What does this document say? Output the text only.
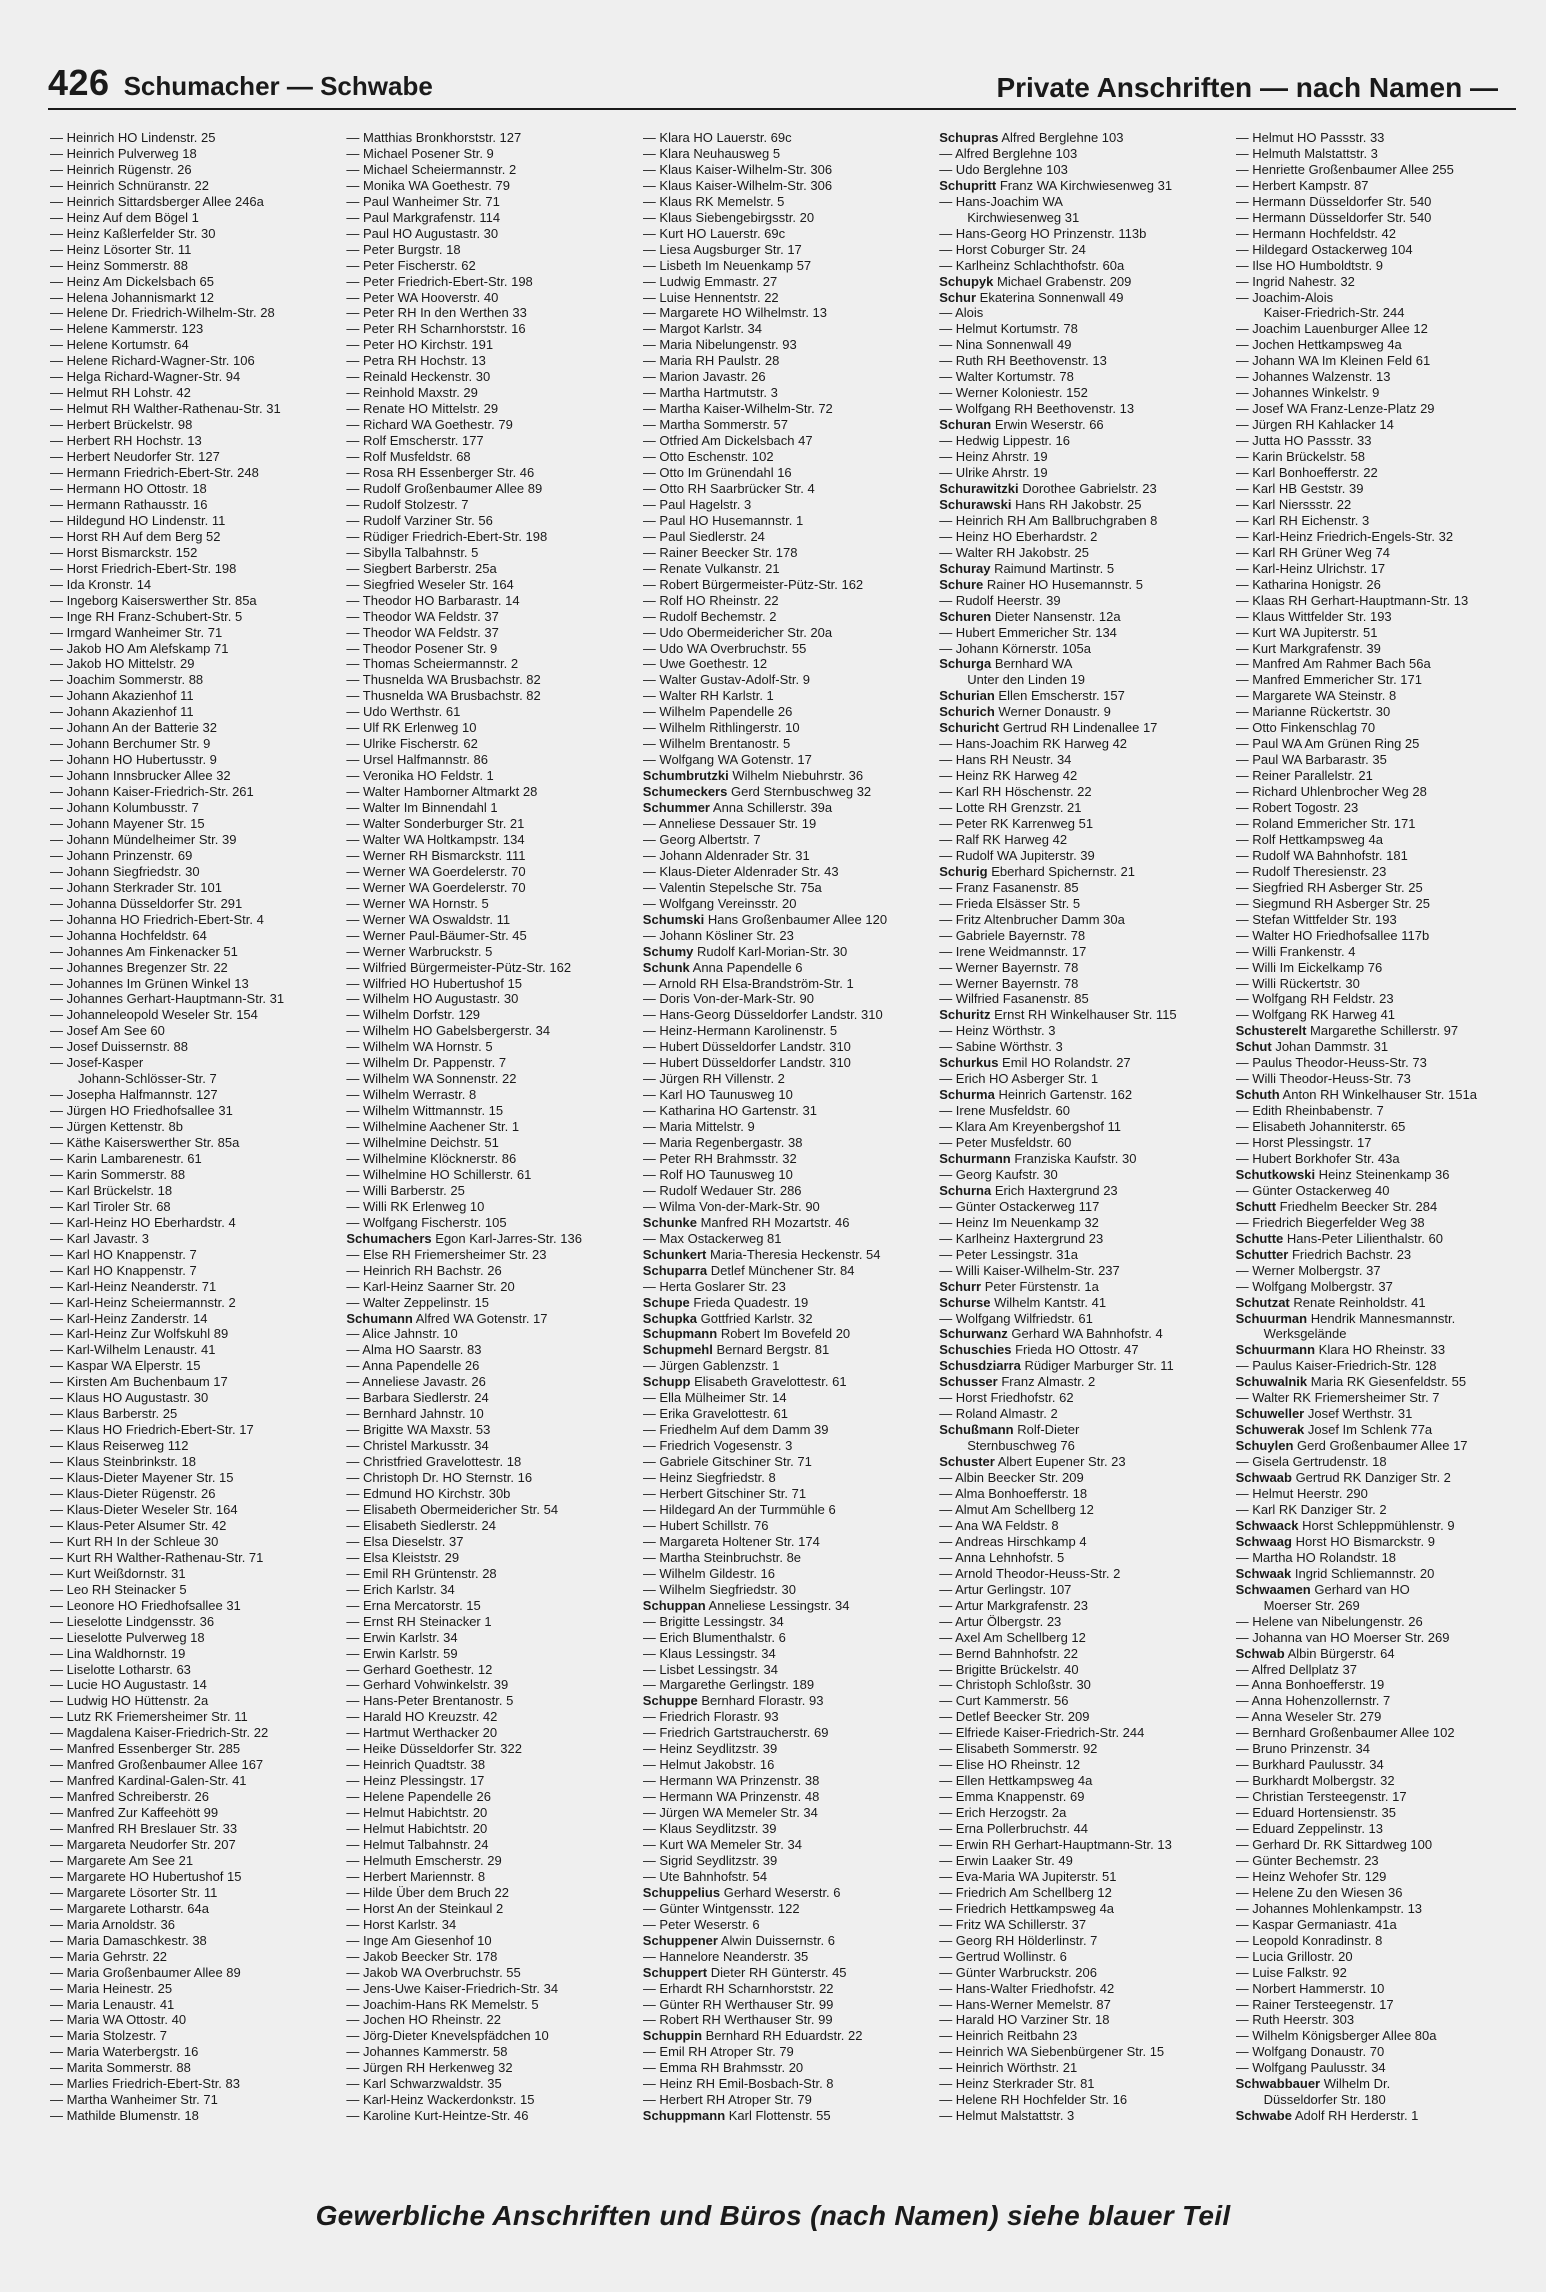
426 Schumacher — Schwabe	Private Anschriften — nach Namen —
— Heinrich HO Lindenstr. 25
— Heinrich Pulverweg 18
— Heinrich Rügenstr. 26
— Heinrich Schnüranstr. 22
— Heinrich Sittardsberger Allee 246a
— Heinz Auf dem Bögel 1
— Heinz Kaßlerfelder Str. 30
— Heinz Lösorter Str. 11
— Heinz Sommerstr. 88
— Heinz Am Dickelsbach 65
— Helena Johannismarkt 12
— Helene Dr. Friedrich-Wilhelm-Str. 28
— Helene Kammerstr. 123
— Helene Kortumstr. 64
— Helene Richard-Wagner-Str. 106
— Helga Richard-Wagner-Str. 94
— Helmut RH Lohstr. 42
— Helmut RH Walther-Rathenau-Str. 31
— Herbert Brückelstr. 98
— Herbert RH Hochstr. 13
— Herbert Neudorfer Str. 127
— Hermann Friedrich-Ebert-Str. 248
— Hermann HO Ottostr. 18
— Hermann Rathausstr. 16
— Hildegund HO Lindenstr. 11
— Horst RH Auf dem Berg 52
— Horst Bismarckstr. 152
— Horst Friedrich-Ebert-Str. 198
— Ida Kronstr. 14
— Ingeborg Kaiserswerther Str. 85a
— Inge RH Franz-Schubert-Str. 5
— Irmgard Wanheimer Str. 71
— Jakob HO Am Alefskamp 71
— Jakob HO Mittelstr. 29
— Joachim Sommerstr. 88
— Johann Akazienhof 11
— Johann Akazienhof 11
— Johann An der Batterie 32
— Johann Berchumer Str. 9
— Johann HO Hubertusstr. 9
— Johann Innsbrucker Allee 32
— Johann Kaiser-Friedrich-Str. 261
— Johann Kolumbusstr. 7
— Johann Mayener Str. 15
— Johann Mündelheimer Str. 39
— Johann Prinzenstr. 69
— Johann Siegfriedstr. 30
— Johann Sterkrader Str. 101
— Johanna Düsseldorfer Str. 291
— Johanna HO Friedrich-Ebert-Str. 4
— Johanna Hochfeldstr. 64
— Johannes Am Finkenacker 51
— Johannes Bregenzer Str. 22
— Johannes Im Grünen Winkel 13
— Johannes Gerhart-Hauptmann-Str. 31
— Johanneleopold Weseler Str. 154
— Josef Am See 60
— Josef Duissernstr. 88
— Josef-Kasper
Johann-Schlösser-Str. 7
— Josepha Halfmannstr. 127
— Jürgen HO Friedhofsallee 31
— Jürgen Kettenstr. 8b
— Käthe Kaiserswerther Str. 85a
— Karin Lambarenestr. 61
— Karin Sommerstr. 88
— Karl Brückelstr. 18
— Karl Tiroler Str. 68
— Karl-Heinz HO Eberhardstr. 4
— Karl Javastr. 3
— Karl HO Knappenstr. 7
— Karl HO Knappenstr. 7
— Karl-Heinz Neanderstr. 71
— Karl-Heinz Scheiermannstr. 2
— Karl-Heinz Zanderstr. 14
— Karl-Heinz Zur Wolfskuhl 89
— Karl-Wilhelm Lenaustr. 41
— Kaspar WA Elperstr. 15
— Kirsten Am Buchenbaum 17
— Klaus HO Augustastr. 30
— Klaus Barberstr. 25
— Klaus HO Friedrich-Ebert-Str. 17
— Klaus Reiserweg 112
— Klaus Steinbrinkstr. 18
— Klaus-Dieter Mayener Str. 15
— Klaus-Dieter Rügenstr. 26
— Klaus-Dieter Weseler Str. 164
— Klaus-Peter Alsumer Str. 42
— Kurt RH In der Schleue 30
— Kurt RH Walther-Rathenau-Str. 71
— Kurt Weißdornstr. 31
— Leo RH Steinacker 5
— Leonore HO Friedhofsallee 31
— Lieselotte Lindgensstr. 36
— Lieselotte Pulverweg 18
— Lina Waldhornstr. 19
— Liselotte Lotharstr. 63
— Lucie HO Augustastr. 14
— Ludwig HO Hüttenstr. 2a
— Lutz RK Friemersheimer Str. 11
— Magdalena Kaiser-Friedrich-Str. 22
— Manfred Essenberger Str. 285
— Manfred Großenbaumer Allee 167
— Manfred Kardinal-Galen-Str. 41
— Manfred Schreiberstr. 26
— Manfred Zur Kaffeehött 99
— Manfred RH Breslauer Str. 33
— Margareta Neudorfer Str. 207
— Margarete Am See 21
— Margarete HO Hubertushof 15
— Margarete Lösorter Str. 11
— Margarete Lotharstr. 64a
— Maria Arnoldstr. 36
— Maria Damaschkestr. 38
— Maria Gehrstr. 22
— Maria Großenbaumer Allee 89
— Maria Heinestr. 25
— Maria Lenaustr. 41
— Maria WA Ottostr. 40
— Maria Stolzestr. 7
— Maria Waterbergstr. 16
— Marita Sommerstr. 88
— Marlies Friedrich-Ebert-Str. 83
— Martha Wanheimer Str. 71
— Mathilde Blumenstr. 18
— Matthias Bronkhorststr. 127
— Michael Posener Str. 9
— Michael Scheiermannstr. 2
— Monika WA Goethestr. 79
— Paul Wanheimer Str. 71
— Paul Markgrafenstr. 114
— Paul HO Augustastr. 30
— Peter Burgstr. 18
— Peter Fischerstr. 62
— Peter Friedrich-Ebert-Str. 198
— Peter WA Hooverstr. 40
— Peter RH In den Werthen 33
— Peter RH Scharnhorststr. 16
— Peter HO Kirchstr. 191
— Petra RH Hochstr. 13
— Reinald Heckenstr. 30
— Reinhold Maxstr. 29
— Renate HO Mittelstr. 29
— Richard WA Goethestr. 79
— Rolf Emscherstr. 177
— Rolf Musfeldstr. 68
— Rosa RH Essenberger Str. 46
— Rudolf Großenbaumer Allee 89
— Rudolf Stolzestr. 7
— Rudolf Varziner Str. 56
— Rüdiger Friedrich-Ebert-Str. 198
— Sibylla Talbahnstr. 5
— Siegbert Barberstr. 25a
— Siegfried Weseler Str. 164
— Theodor HO Barbarastr. 14
— Theodor WA Feldstr. 37
— Theodor WA Feldstr. 37
— Theodor Posener Str. 9
— Thomas Scheiermannstr. 2
— Thusnelda WA Brusbachstr. 82
— Thusnelda WA Brusbachstr. 82
— Udo Werthstr. 61
— Ulf RK Erlenweg 10
— Ulrike Fischerstr. 62
— Ursel Halfmannstr. 86
— Veronika HO Feldstr. 1
— Walter Hamborner Altmarkt 28
— Walter Im Binnendahl 1
— Walter Sonderburger Str. 21
— Walter WA Holtkampstr. 134
— Werner RH Bismarckstr. 111
— Werner WA Goerdelerstr. 70
— Werner WA Goerdelerstr. 70
— Werner WA Hornstr. 5
— Werner WA Oswaldstr. 11
— Werner Paul-Bäumer-Str. 45
— Werner Warbruckstr. 5
— Wilfried Bürgermeister-Pütz-Str. 162
— Wilfried HO Hubertushof 15
— Wilhelm HO Augustastr. 30
— Wilhelm Dorfstr. 129
— Wilhelm HO Gabelsbergerstr. 34
— Wilhelm WA Hornstr. 5
— Wilhelm Dr. Pappenstr. 7
— Wilhelm WA Sonnenstr. 22
— Wilhelm Werrastr. 8
— Wilhelm Wittmannstr. 15
— Wilhelmine Aachener Str. 1
— Wilhelmine Deichstr. 51
— Wilhelmine Klöcknerstr. 86
— Wilhelmine HO Schillerstr. 61
— Willi Barberstr. 25
— Willi RK Erlenweg 10
— Wolfgang Fischerstr. 105
Schumachers Egon Karl-Jarres-Str. 136
— Else RH Friemersheimer Str. 23
— Heinrich RH Bachstr. 26
— Karl-Heinz Saarner Str. 20
— Walter Zeppelinstr. 15
Schumann Alfred WA Gotenstr. 17
— Alice Jahnstr. 10
— Alma HO Saarstr. 83
— Anna Papendelle 26
— Anneliese Javastr. 26
— Barbara Siedlerstr. 24
— Bernhard Jahnstr. 10
— Brigitte WA Maxstr. 53
— Christel Markusstr. 34
— Christfried Gravelottestr. 18
— Christoph Dr. HO Sternstr. 16
— Edmund HO Kirchstr. 30b
— Elisabeth Obermeidericher Str. 54
— Elisabeth Siedlerstr. 24
— Elsa Dieselstr. 37
— Elsa Kleiststr. 29
— Emil RH Grüntenstr. 28
— Erich Karlstr. 34
— Erna Mercatorstr. 15
— Ernst RH Steinacker 1
— Erwin Karlstr. 34
— Erwin Karlstr. 59
— Gerhard Goethestr. 12
— Gerhard Vohwinkelstr. 39
— Hans-Peter Brentanostr. 5
— Harald HO Kreuzstr. 42
— Hartmut Werthacker 20
— Heike Düsseldorfer Str. 322
— Heinrich Quadtstr. 38
— Heinz Plessingstr. 17
— Helene Papendelle 26
— Helmut Habichtstr. 20
— Helmut Habichtstr. 20
— Helmut Talbahnstr. 24
— Helmuth Emscherstr. 29
— Herbert Mariennstr. 8
— Hilde Über dem Bruch 22
— Horst An der Steinkaul 2
— Horst Karlstr. 34
— Inge Am Giesenhof 10
— Jakob Beecker Str. 178
— Jakob WA Overbruchstr. 55
— Jens-Uwe Kaiser-Friedrich-Str. 34
— Joachim-Hans RK Memelstr. 5
— Jochen HO Rheinstr. 22
— Jörg-Dieter Knevelspfädchen 10
— Johannes Kammerstr. 58
— Jürgen RH Herkenweg 32
— Karl Schwarzwaldstr. 35
— Karl-Heinz Wackerdonkstr. 15
— Karoline Kurt-Heintze-Str. 46
— Klara HO Lauerstr. 69c
— Klara Neuhausweg 5
— Klaus Kaiser-Wilhelm-Str. 306
— Klaus Kaiser-Wilhelm-Str. 306
— Klaus RK Memelstr. 5
— Klaus Siebengebirgsstr. 20
— Kurt HO Lauerstr. 69c
— Liesa Augsburger Str. 17
— Lisbeth Im Neuenkamp 57
— Ludwig Emmastr. 27
— Luise Hennentstr. 22
— Margarete HO Wilhelmstr. 13
— Margot Karlstr. 34
— Maria Nibelungenstr. 93
— Maria RH Paulstr. 28
— Marion Javastr. 26
— Martha Hartmutstr. 3
— Martha Kaiser-Wilhelm-Str. 72
— Martha Sommerstr. 57
— Otfried Am Dickelsbach 47
— Otto Eschenstr. 102
— Otto Im Grünendahl 16
— Otto RH Saarbrücker Str. 4
— Paul Hagelstr. 3
— Paul HO Husemannstr. 1
— Paul Siedlerstr. 24
— Rainer Beecker Str. 178
— Renate Vulkanstr. 21
— Robert Bürgermeister-Pütz-Str. 162
— Rolf HO Rheinstr. 22
— Rudolf Bechemstr. 2
— Udo Obermeidericher Str. 20a
— Udo WA Overbruchstr. 55
— Uwe Goethestr. 12
— Walter Gustav-Adolf-Str. 9
— Walter RH Karlstr. 1
— Wilhelm Papendelle 26
— Wilhelm Rithlingerstr. 10
— Wilhelm Brentanostr. 5
— Wolfgang WA Gotenstr. 17
Schumbrutzki Wilhelm Niebuhrstr. 36
Schumeckers Gerd Sternbuschweg 32
Schummer Anna Schillerstr. 39a
— Anneliese Dessauer Str. 19
— Georg Albertstr. 7
— Johann Aldenrader Str. 31
— Klaus-Dieter Aldenrader Str. 43
— Valentin Stepelsche Str. 75a
— Wolfgang Vereinsstr. 20
Schumski Hans Großenbaumer Allee 120
— Johann Kösliner Str. 23
Schumy Rudolf Karl-Morian-Str. 30
Schunk Anna Papendelle 6
— Arnold RH Elsa-Brandström-Str. 1
— Doris Von-der-Mark-Str. 90
— Hans-Georg Düsseldorfer Landstr. 310
— Heinz-Hermann Karolinenstr. 5
— Hubert Düsseldorfer Landstr. 310
— Hubert Düsseldorfer Landstr. 310
— Jürgen RH Villenstr. 2
— Karl HO Taunusweg 10
— Katharina HO Gartenstr. 31
— Maria Mittelstr. 9
— Maria Regenbergastr. 38
— Peter RH Brahmsstr. 32
— Rolf HO Taunusweg 10
— Rudolf Wedauer Str. 286
— Wilma Von-der-Mark-Str. 90
Schunke Manfred RH Mozartstr. 46
— Max Ostackerweg 81
Schunkert Maria-Theresia Heckenstr. 54
Schuparra Detlef Münchener Str. 84
— Herta Goslarer Str. 23
Schupe Frieda Quadestr. 19
Schupka Gottfried Karlstr. 32
Schupmann Robert Im Bovefeld 20
Schupmehl Bernard Bergstr. 81
— Jürgen Gablenzstr. 1
Schupp Elisabeth Gravelottestr. 61
— Ella Mülheimer Str. 14
— Erika Gravelottestr. 61
— Friedhelm Auf dem Damm 39
— Friedrich Vogesenstr. 3
— Gabriele Gitschiner Str. 71
— Heinz Siegfriedstr. 8
— Herbert Gitschiner Str. 71
— Hildegard An der Turmmühle 6
— Hubert Schillstr. 76
— Margareta Holtener Str. 174
— Martha Steinbruchstr. 8e
— Wilhelm Gildestr. 16
— Wilhelm Siegfriedstr. 30
Schuppan Anneliese Lessingstr. 34
— Brigitte Lessingstr. 34
— Erich Blumenthalstr. 6
— Klaus Lessingstr. 34
— Lisbet Lessingstr. 34
— Margarethe Gerlingstr. 189
Schuppe Bernhard Florastr. 93
— Friedrich Florastr. 93
— Friedrich Gartstraucherstr. 69
— Heinz Seydlitzstr. 39
— Helmut Jakobstr. 16
— Hermann WA Prinzenstr. 38
— Hermann WA Prinzenstr. 48
— Jürgen WA Memeler Str. 34
— Klaus Seydlitzstr. 39
— Kurt WA Memeler Str. 34
— Sigrid Seydlitzstr. 39
— Ute Bahnhofstr. 54
Schuppelius Gerhard Weserstr. 6
— Günter Wintgensstr. 122
— Peter Weserstr. 6
Schuppener Alwin Duissernstr. 6
— Hannelore Neanderstr. 35
Schuppert Dieter RH Günterstr. 45
— Erhardt RH Scharnhorststr. 22
— Günter RH Werthauser Str. 99
— Robert RH Werthauser Str. 99
Schuppin Bernhard RH Eduardstr. 22
— Emil RH Atroper Str. 79
— Emma RH Brahmsstr. 20
— Heinz RH Emil-Bosbach-Str. 8
— Herbert RH Atroper Str. 79
Schuppmann Karl Flottenstr. 55
Schupras Alfred Berglehne 103
— Alfred Berglehne 103
— Udo Berglehne 103
Schupritt Franz WA Kirchwiesenweg 31
— Hans-Joachim WA
Kirchwiesenweg 31
— Hans-Georg HO Prinzenstr. 113b
— Horst Coburger Str. 24
— Karlheinz Schlachthofstr. 60a
Schupyk Michael Grabenstr. 209
Schur Ekaterina Sonnenwall 49
— Alois
— Helmut Kortumstr. 78
— Nina Sonnenwall 49
— Ruth RH Beethovenstr. 13
— Walter Kortumstr. 78
— Werner Koloniestr. 152
— Wolfgang RH Beethovenstr. 13
Schuran Erwin Weserstr. 66
— Hedwig Lippestr. 16
— Heinz Ahrstr. 19
— Ulrike Ahrstr. 19
Schurawitzki Dorothee Gabrielstr. 23
Schurawski Hans RH Jakobstr. 25
— Heinrich RH Am Ballbruchgraben 8
— Heinz HO Eberhardstr. 2
— Walter RH Jakobstr. 25
Schuray Raimund Martinstr. 5
Schure Rainer HO Husemannstr. 5
— Rudolf Heerstr. 39
Schuren Dieter Nansenstr. 12a
— Hubert Emmericher Str. 134
— Johann Körnerstr. 105a
Schurga Bernhard WA
Unter den Linden 19
Schurian Ellen Emscherstr. 157
Schurich Werner Donaustr. 9
Schuricht Gertrud RH Lindenallee 17
— Hans-Joachim RK Harweg 42
— Hans RH Neustr. 34
— Heinz RK Harweg 42
— Karl RH Höschenstr. 22
— Lotte RH Grenzstr. 21
— Peter RK Karrenweg 51
— Ralf RK Harweg 42
— Rudolf WA Jupiterstr. 39
Schurig Eberhard Spichernstr. 21
— Franz Fasanenstr. 85
— Frieda Elsässer Str. 5
— Fritz Altenbrucher Damm 30a
— Gabriele Bayernstr. 78
— Irene Weidmannstr. 17
— Werner Bayernstr. 78
— Werner Bayernstr. 78
— Wilfried Fasanenstr. 85
Schuritz Ernst RH Winkelhauser Str. 115
— Heinz Wörthstr. 3
— Sabine Wörthstr. 3
Schurkus Emil HO Rolandstr. 27
— Erich HO Asberger Str. 1
Schurma Heinrich Gartenstr. 162
— Irene Musfeldstr. 60
— Klara Am Kreyenbergshof 11
— Peter Musfeldstr. 60
Schurmann Franziska Kaufstr. 30
— Georg Kaufstr. 30
Schurna Erich Haxtergrund 23
— Günter Ostackerweg 117
— Heinz Im Neuenkamp 32
— Karlheinz Haxtergrund 23
— Peter Lessingstr. 31a
— Willi Kaiser-Wilhelm-Str. 237
Schurr Peter Fürstenstr. 1a
Schurse Wilhelm Kantstr. 41
— Wolfgang Wilfriedstr. 61
Schurwanz Gerhard WA Bahnhofstr. 4
Schuschies Frieda HO Ottostr. 47
Schusdziarra Rüdiger Marburger Str. 11
Schusser Franz Almastr. 2
— Horst Friedhofstr. 62
— Roland Almastr. 2
Schußmann Rolf-Dieter
Sternbuschweg 76
Schuster Albert Eupener Str. 23
— Albin Beecker Str. 209
— Alma Bonhoefferstr. 18
— Almut Am Schellberg 12
— Ana WA Feldstr. 8
— Andreas Hirschkamp 4
— Anna Lehnhofstr. 5
— Arnold Theodor-Heuss-Str. 2
— Artur Gerlingstr. 107
— Artur Markgrafenstr. 23
— Artur Ölbergstr. 23
— Axel Am Schellberg 12
— Bernd Bahnhofstr. 22
— Brigitte Brückelstr. 40
— Christoph Schloßstr. 30
— Curt Kammerstr. 56
— Detlef Beecker Str. 209
— Elfriede Kaiser-Friedrich-Str. 244
— Elisabeth Sommerstr. 92
— Elise HO Rheinstr. 12
— Ellen Hettkampsweg 4a
— Emma Knappenstr. 69
— Erich Herzogstr. 2a
— Erna Pollerbruchstr. 44
— Erwin RH Gerhart-Hauptmann-Str. 13
— Erwin Laaker Str. 49
— Eva-Maria WA Jupiterstr. 51
— Friedrich Am Schellberg 12
— Friedrich Hettkampsweg 4a
— Fritz WA Schillerstr. 37
— Georg RH Hölderlinstr. 7
— Gertrud Wollinstr. 6
— Günter Warbruckstr. 206
— Hans-Walter Friedhofstr. 42
— Hans-Werner Memelstr. 87
— Harald HO Varziner Str. 18
— Heinrich Reitbahn 23
— Heinrich WA Siebenbürgener Str. 15
— Heinrich Wörthstr. 21
— Heinz Sterkrader Str. 81
— Helene RH Hochfelder Str. 16
— Helmut Malstattstr. 3
— Helmut HO Passstr. 33
— Helmuth Malstattstr. 3
— Henriette Großenbaumer Allee 255
— Herbert Kampstr. 87
— Hermann Düsseldorfer Str. 540
— Hermann Düsseldorfer Str. 540
— Hermann Hochfeldstr. 42
— Hildegard Ostackerweg 104
— Ilse HO Humboldtstr. 9
— Ingrid Nahestr. 32
— Joachim-Alois
Kaiser-Friedrich-Str. 244
— Joachim Lauenburger Allee 12
— Jochen Hettkampsweg 4a
— Johann WA Im Kleinen Feld 61
— Johannes Walzenstr. 13
— Johannes Winkelstr. 9
— Josef WA Franz-Lenze-Platz 29
— Jürgen RH Kahlacker 14
— Jutta HO Passstr. 33
— Karin Brückelstr. 58
— Karl Bonhoefferstr. 22
— Karl HB Geststr. 39
— Karl Nierssstr. 22
— Karl RH Eichenstr. 3
— Karl-Heinz Friedrich-Engels-Str. 32
— Karl RH Grüner Weg 74
— Karl-Heinz Ulrichstr. 17
— Katharina Honigstr. 26
— Klaas RH Gerhart-Hauptmann-Str. 13
— Klaus Wittfelder Str. 193
— Kurt WA Jupiterstr. 51
— Kurt Markgrafenstr. 39
— Manfred Am Rahmer Bach 56a
— Manfred Emmericher Str. 171
— Margarete WA Steinstr. 8
— Marianne Rückertstr. 30
— Otto Finkenschlag 70
— Paul WA Am Grünen Ring 25
— Paul WA Barbarastr. 35
— Reiner Parallelstr. 21
— Richard Uhlenbrocher Weg 28
— Robert Togostr. 23
— Roland Emmericher Str. 171
— Rolf Hettkampsweg 4a
— Rudolf WA Bahnhofstr. 181
— Rudolf Theresienstr. 23
— Siegfried RH Asberger Str. 25
— Siegmund RH Asberger Str. 25
— Stefan Wittfelder Str. 193
— Walter HO Friedhofsallee 117b
— Willi Frankenstr. 4
— Willi Im Eickelkamp 76
— Willi Rückertstr. 30
— Wolfgang RH Feldstr. 23
— Wolfgang RK Harweg 41
Schusterelt Margarethe Schillerstr. 97
Schut Johan Dammstr. 31
— Paulus Theodor-Heuss-Str. 73
— Willi Theodor-Heuss-Str. 73
Schuth Anton RH Winkelhauser Str. 151a
— Edith Rheinbabenstr. 7
— Elisabeth Johanniterstr. 65
— Horst Plessingstr. 17
— Hubert Borkhofer Str. 43a
Schutkowski Heinz Steinenkamp 36
— Günter Ostackerweg 40
Schutt Friedhelm Beecker Str. 284
— Friedrich Biegerfelder Weg 38
Schutte Hans-Peter Lilienthalstr. 60
Schutter Friedrich Bachstr. 23
— Werner Molbergstr. 37
— Wolfgang Molbergstr. 37
Schutzat Renate Reinholdstr. 41
Schuurman Hendrik Mannesmannstr.
Werksgelände
Schuurmann Klara HO Rheinstr. 33
— Paulus Kaiser-Friedrich-Str. 128
Schuwalnik Maria RK Giesenfeldstr. 55
— Walter RK Friemersheimer Str. 7
Schuweller Josef Werthstr. 31
Schuwerak Josef Im Schlenk 77a
Schuylen Gerd Großenbaumer Allee 17
— Gisela Gertrudenstr. 18
Schwaab Gertrud RK Danziger Str. 2
— Helmut Heerstr. 290
— Karl RK Danziger Str. 2
Schwaack Horst Schleppmühlenstr. 9
Schwaag Horst HO Bismarckstr. 9
— Martha HO Rolandstr. 18
Schwaak Ingrid Schliemannstr. 20
Schwaamen Gerhard van HO
Moerser Str. 269
— Helene van Nibelungenstr. 26
— Johanna van HO Moerser Str. 269
Schwab Albin Bürgerstr. 64
— Alfred Dellplatz 37
— Anna Bonhoefferstr. 19
— Anna Hohenzollernstr. 7
— Anna Weseler Str. 279
— Bernhard Großenbaumer Allee 102
— Bruno Prinzenstr. 34
— Burkhard Paulusstr. 34
— Burkhardt Molbergstr. 32
— Christian Tersteegenstr. 17
— Eduard Hortensienstr. 35
— Eduard Zeppelinstr. 13
— Gerhard Dr. RK Sittardweg 100
— Günter Bechemstr. 23
— Heinz Wehofer Str. 129
— Helene Zu den Wiesen 36
— Johannes Mohlenkampstr. 13
— Kaspar Germaniastr. 41a
— Leopold Konradinstr. 8
— Lucia Grillostr. 20
— Luise Falkstr. 92
— Norbert Hammerstr. 10
— Rainer Tersteegenstr. 17
— Ruth Heerstr. 303
— Wilhelm Königsberger Allee 80a
— Wolfgang Donaustr. 70
— Wolfgang Paulusstr. 34
Schwabbauer Wilhelm Dr.
Düsseldorfer Str. 180
Schwabe Adolf RH Herderstr. 1
Gewerbliche Anschriften und Büros (nach Namen) siehe blauer Teil
